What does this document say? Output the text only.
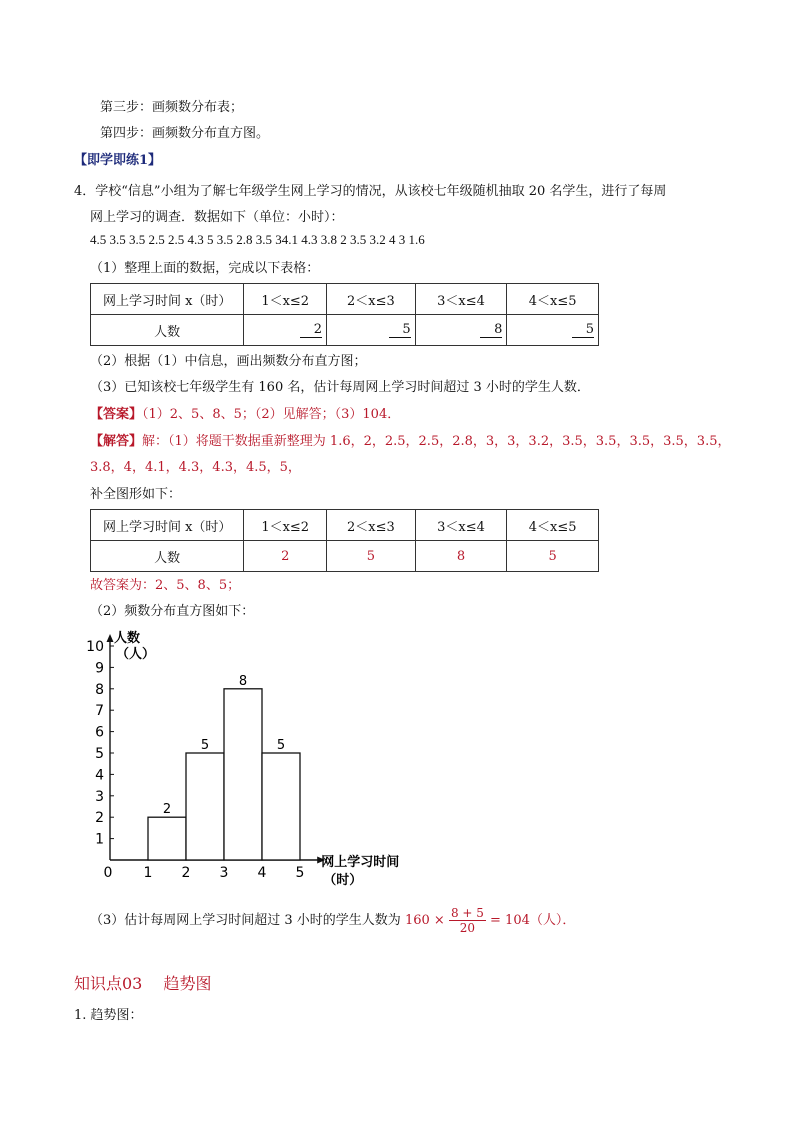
第三步：画频数分布表；
第四步：画频数分布直方图。
【即学即练1】
4．学校“信息”小组为了解七年级学生网上学习的情况，从该校七年级随机抽取 20 名学生，进行了每周
网上学习的调查．数据如下（单位：小时）：
4.5 3.5 3.5 2.5 2.5 4.3 5 3.5 2.8 3.5 34.1 4.3 3.8 2 3.5 3.2 4 3 1.6
（1）整理上面的数据，完成以下表格：
网上学习时间 x（时）	1＜x≤2	2＜x≤3	3＜x≤4	4＜x≤5
人数	2	5	8	5
（2）根据（1）中信息，画出频数分布直方图；
（3）已知该校七年级学生有 160 名，估计每周网上学习时间超过 3 小时的学生人数．
【答案】（1）2、5、8、5；（2）见解答；（3）104．
【解答】解：（1）将题干数据重新整理为 1.6，2，2.5，2.5，2.8，3，3，3.2，3.5，3.5，3.5，3.5，3.5，
3.8，4，4.1，4.3，4.3，4.5，5，
补全图形如下：
网上学习时间 x（时）	1＜x≤2	2＜x≤3	3＜x≤4	4＜x≤5
人数	2	5	8	5
故答案为：2、5、8、5；
（2）频数分布直方图如下：
1
2
3
4
5
6
7
8
9
10
0 1 2 3 4 5
2
5
8
5
人数
（人）
网上学习时间
（时）
（3）估计每周网上学习时间超过 3 小时的学生人数为 $160 \times \frac{8 + 5}{20} = 104$（人）．
知识点03　 趋势图
1. 趋势图：
